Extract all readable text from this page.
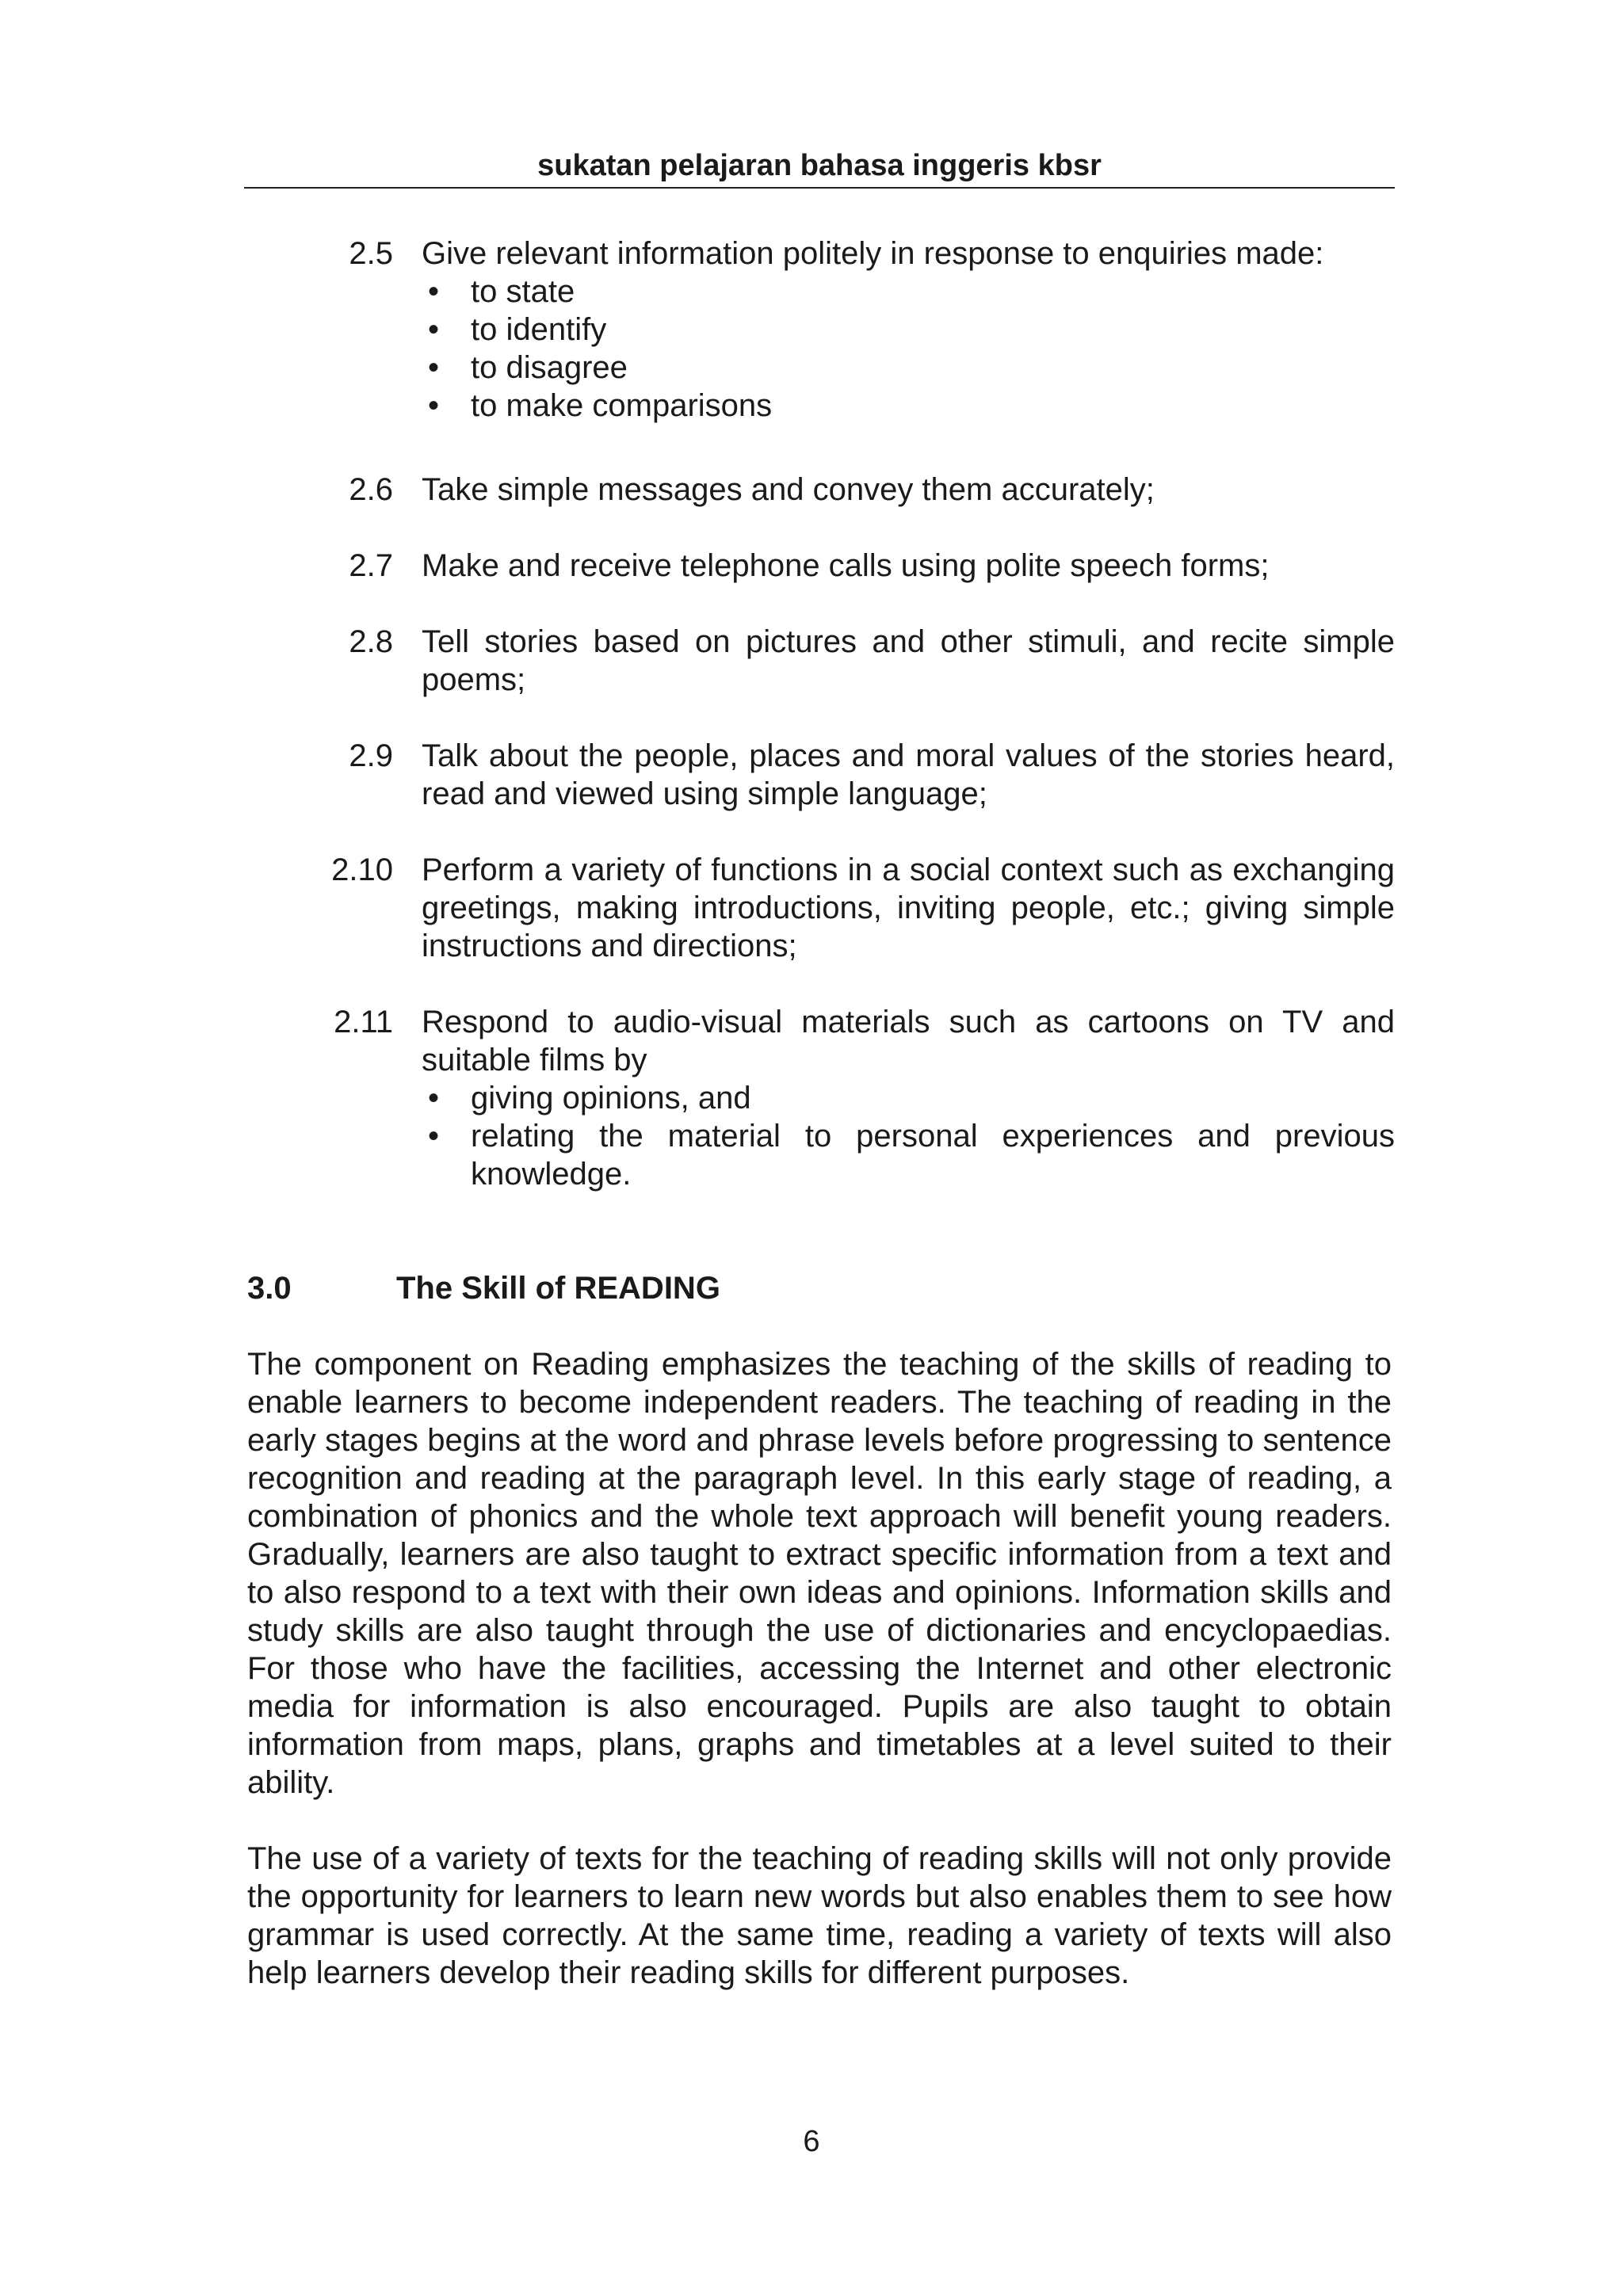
sukatan pelajaran bahasa inggeris kbsr
2.5 Give relevant information politely in response to enquiries made:
• to state
• to identify
• to disagree
• to make comparisons
2.6 Take simple messages and convey them accurately;
2.7 Make and receive telephone calls using polite speech forms;
2.8 Tell stories based on pictures and other stimuli, and recite simple poems;
2.9 Talk about the people, places and moral values of the stories heard, read and viewed using simple language;
2.10 Perform a variety of functions in a social context such as exchanging greetings, making introductions, inviting people, etc.; giving simple instructions and directions;
2.11 Respond to audio-visual materials such as cartoons on TV and suitable films by
• giving opinions, and
• relating the material to personal experiences and previous knowledge.
3.0	The Skill of READING

The component on Reading emphasizes the teaching of the skills of reading to enable learners to become independent readers. The teaching of reading in the early stages begins at the word and phrase levels before progressing to sentence recognition and reading at the paragraph level. In this early stage of reading, a combination of phonics and the whole text approach will benefit young readers. Gradually, learners are also taught to extract specific information from a text and to also respond to a text with their own ideas and opinions. Information skills and study skills are also taught through the use of dictionaries and encyclopaedias. For those who have the facilities, accessing the Internet and other electronic media for information is also encouraged. Pupils are also taught to obtain information from maps, plans, graphs and timetables at a level suited to their ability.

The use of a variety of texts for the teaching of reading skills will not only provide the opportunity for learners to learn new words but also enables them to see how grammar is used correctly. At the same time, reading a variety of texts will also help learners develop their reading skills for different purposes.

6
